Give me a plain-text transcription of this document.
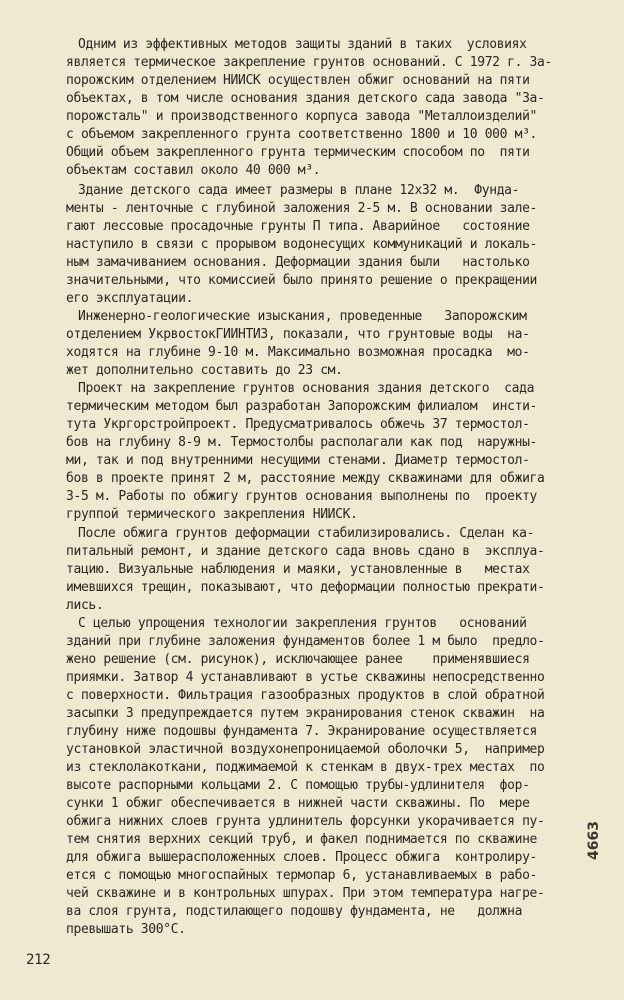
Одним из эффективных методов защиты зданий в таких  условиях
является термическое закрепление грунтов оснований. С 1972 г. За-
порожским отделением НИИСК осуществлен обжиг оснований на пяти
объектах, в том числе основания здания детского сада завода "За-
порожсталь" и производственного корпуса завода "Металлоизделий"
с объемом закрепленного грунта соответственно 1800 и 10 000 м³.
Общий объем закрепленного грунта термическим способом по  пяти
объектам составил около 40 000 м³.
Здание детского сада имеет размеры в плане 12x32 м.  Фунда-
менты - ленточные с глубиной заложения 2-5 м. В основании зале-
гают лессовые просадочные грунты П типа. Аварийное   состояние
наступило в связи с прорывом водонесущих коммуникаций и локаль-
ным замачиванием основания. Деформации здания были   настолько
значительными, что комиссией было принято решение о прекращении
его эксплуатации.
Инженерно-геологические изыскания, проведенные   Запорожским
отделением УкрвостокГИИНТИЗ, показали, что грунтовые воды  на-
ходятся на глубине 9-10 м. Максимально возможная просадка  мо-
жет дополнительно составить до 23 см.
Проект на закрепление грунтов основания здания детского  сада
термическим методом был разработан Запорожским филиалом  инсти-
тута Укргорстройпроект. Предусматривалось обжечь 37 термостол-
бов на глубину 8-9 м. Термостолбы располагали как под  наружны-
ми, так и под внутренними несущими стенами. Диаметр термостол-
бов в проекте принят 2 м, расстояние между скважинами для обжига
3-5 м. Работы по обжигу грунтов основания выполнены по  проекту
группой термического закрепления НИИСК.
После обжига грунтов деформации стабилизировались. Сделан ка-
питальный ремонт, и здание детского сада вновь сдано в  эксплуа-
тацию. Визуальные наблюдения и маяки, установленные в   местах
имевшихся трещин, показывают, что деформации полностью прекрати-
лись.
С целью упрощения технологии закрепления грунтов   оснований
зданий при глубине заложения фундаментов более 1 м было  предло-
жено решение (см. рисунок), исключающее ранее    применявшиеся
приямки. Затвор 4 устанавливают в устье скважины непосредственно
с поверхности. Фильтрация газообразных продуктов в слой обратной
засыпки 3 предупреждается путем экранирования стенок скважин  на
глубину ниже подошвы фундамента 7. Экранирование осуществляется
установкой эластичной воздухонепроницаемой оболочки 5,  например
из стеклолакоткани, поджимаемой к стенкам в двух-трех местах  по
высоте распорными кольцами 2. С помощью трубы-удлинителя  фор-
сунки 1 обжиг обеспечивается в нижней части скважины. По  мере
обжига нижних слоев грунта удлинитель форсунки укорачивается пу-
тем снятия верхних секций труб, и факел поднимается по скважине
для обжига вышерасположенных слоев. Процесс обжига  контролиру-
ется с помощью многоспайных термопар 6, устанавливаемых в рабо-
чей скважине и в контрольных шпурах. При этом температура нагре-
ва слоя грунта, подстилающего подошву фундамента, не   должна
превышать 300°С.
212
4663
